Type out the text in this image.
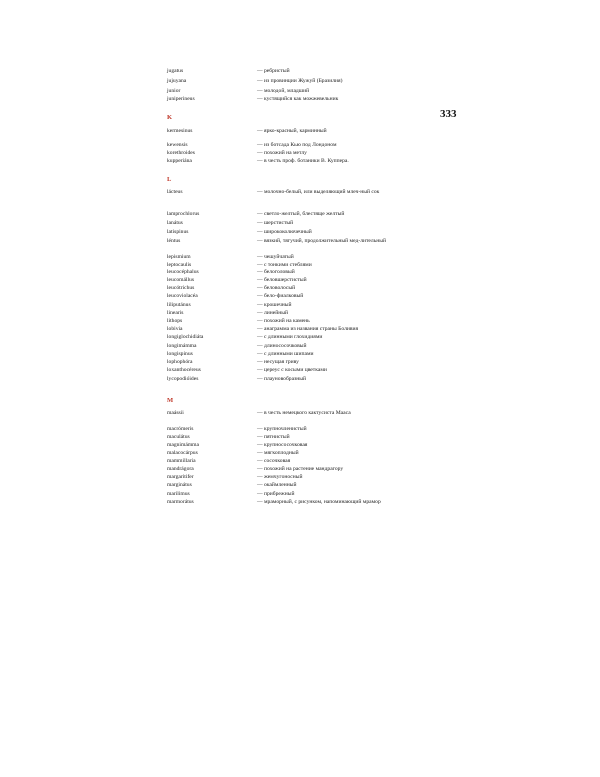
333
jugatus	— ребристый
jujuyana	— из провинции Жужуй (Бразилия)
junior	— молодой, младший
juniperineus	— кустящийся как можжевельник
K
kermesinus	— ярко-красный, карминный
kewensis	— из ботсада Кью под Лондоном
korethroides	— похожий на метлу
kupperiána	— в честь проф. ботаники В. Куппера.
L
lácteus	— молочно-белый, или выделяющий млеч-ный сок
lamprochlorus	— светло-желтый, блестяще желтый
lanátus	— шерстистый
latispinus	— ширококолючечный
léntus	— вязкий, тягучий, продолжительный мед-лительный
lepismium	— чешуйчатый
leptocaulis	— с тонкими стеблями
leucocéphalus	— белоголовый
leucomállus	— беловшерстистый
leucótrichus	— беловолосый
leucoviolacéa	— бело-фиалковый
liliputánus	— крошечный
linearis	— линейный
lithops	— похожий на камень
lobivia	— анаграмма из названия страны Боливия
longiglochidiáta	— с длинными глохидиями
longimámma	— длинососочковый
longispinus	— с длинными шипами
lophophóra	— несущая гриву
loxanthocéreus	— цереус с косыми цветками
lycopodióides	— плауновобразный
M
maássii	— в честь немецкого кактусиста Мааса
macrómeris	— крупночленистый
maculátus	— пятнистый
magnimámma	— крупнососочковая
malacocárpus	— мягкоплодный
mammillaria	— сосочковая
mandrágora	— похожий на растение мандрагору
margaritifer	— жемчугоносный
marginátus	— окаймленный
marilimus	— прибрежный
marmorátus	— мраморный, с рисунком, напоминающий мрамор
